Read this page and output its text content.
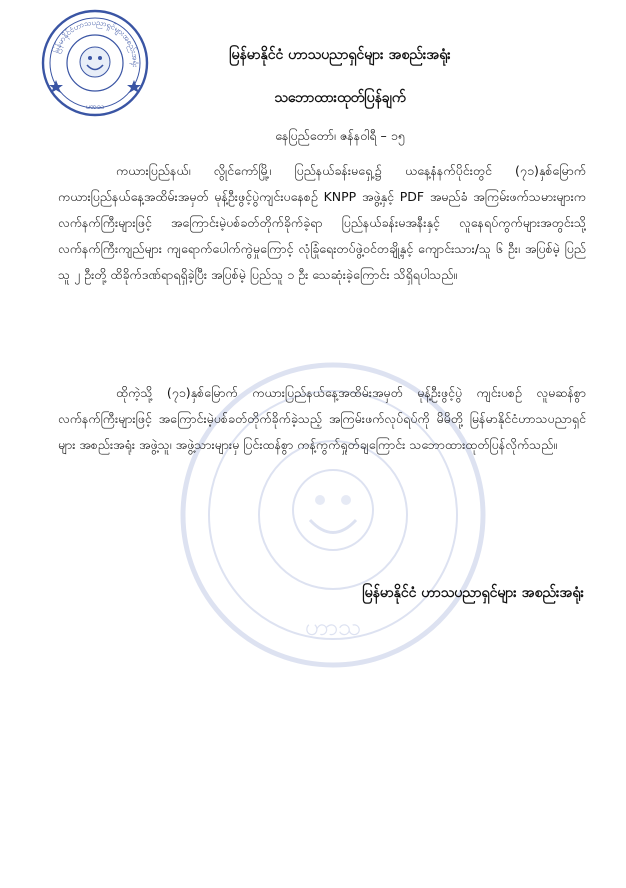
မြန်မာနိုင်ငံဟာသပညာရှင်များအစည်းအရုံး
ဟာသ
ဟာသ
မြန်မာနိုင်ငံ ဟာသပညာရှင်များ အစည်းအရုံး
သဘောထားထုတ်ပြန်ချက်
နေပြည်တော်၊ ဇန်နဝါရီ – ၁၅

ကယားပြည်နယ်၊ လွိုင်ကော်မြို့၊ ပြည်နယ်ခန်းမရှေ့၌ ယနေ့နံနက်ပိုင်းတွင် (၇၁)နှစ်မြောက် ကယားပြည်နယ်နေ့အထိမ်းအမှတ် မုန့်ဦးဖွင့်ပွဲကျင်းပနေစဉ် KNPP အဖွဲ့နှင့် PDF အမည်ခံ အကြမ်းဖက်သမားများက လက်နက်ကြီးများဖြင့် အကြောင်းမဲ့ပစ်ခတ်တိုက်ခိုက်ခဲ့ရာ ပြည်နယ်ခန်းမအနီးနှင့် လူနေရပ်ကွက်များအတွင်းသို့ လက်နက်ကြီးကျည်များ ကျရောက်ပေါက်ကွဲမှုကြောင့် လုံခြုံရေးတပ်ဖွဲ့ဝင်တချို့နှင့် ကျောင်းသား/သူ ၆ ဦး၊ အပြစ်မဲ့ ပြည်သူ ၂ ဦးတို့ ထိခိုက်ဒဏ်ရာရရှိခဲ့ပြီး အပြစ်မဲ့ ပြည်သူ ၁ ဦး သေဆုံးခဲ့ကြောင်း သိရှိရပါသည်။

ထိုကဲ့သို့ (၇၁)နှစ်မြောက် ကယားပြည်နယ်နေ့အထိမ်းအမှတ် မုန့်ဦးဖွင့်ပွဲ ကျင်းပစဉ် လူမဆန်စွာ လက်နက်ကြီးများဖြင့် အကြောင်းမဲ့ပစ်ခတ်တိုက်ခိုက်ခဲ့သည့် အကြမ်းဖက်လုပ်ရပ်ကို မိမိတို့ မြန်မာနိုင်ငံဟာသပညာရှင်များ အစည်းအရုံး အဖွဲ့သူ၊ အဖွဲ့သားများမှ ပြင်းထန်စွာ ကန့်ကွက်ရှုတ်ချကြောင်း သဘောထားထုတ်ပြန်လိုက်သည်။

မြန်မာနိုင်ငံ ဟာသပညာရှင်များ အစည်းအရုံး
